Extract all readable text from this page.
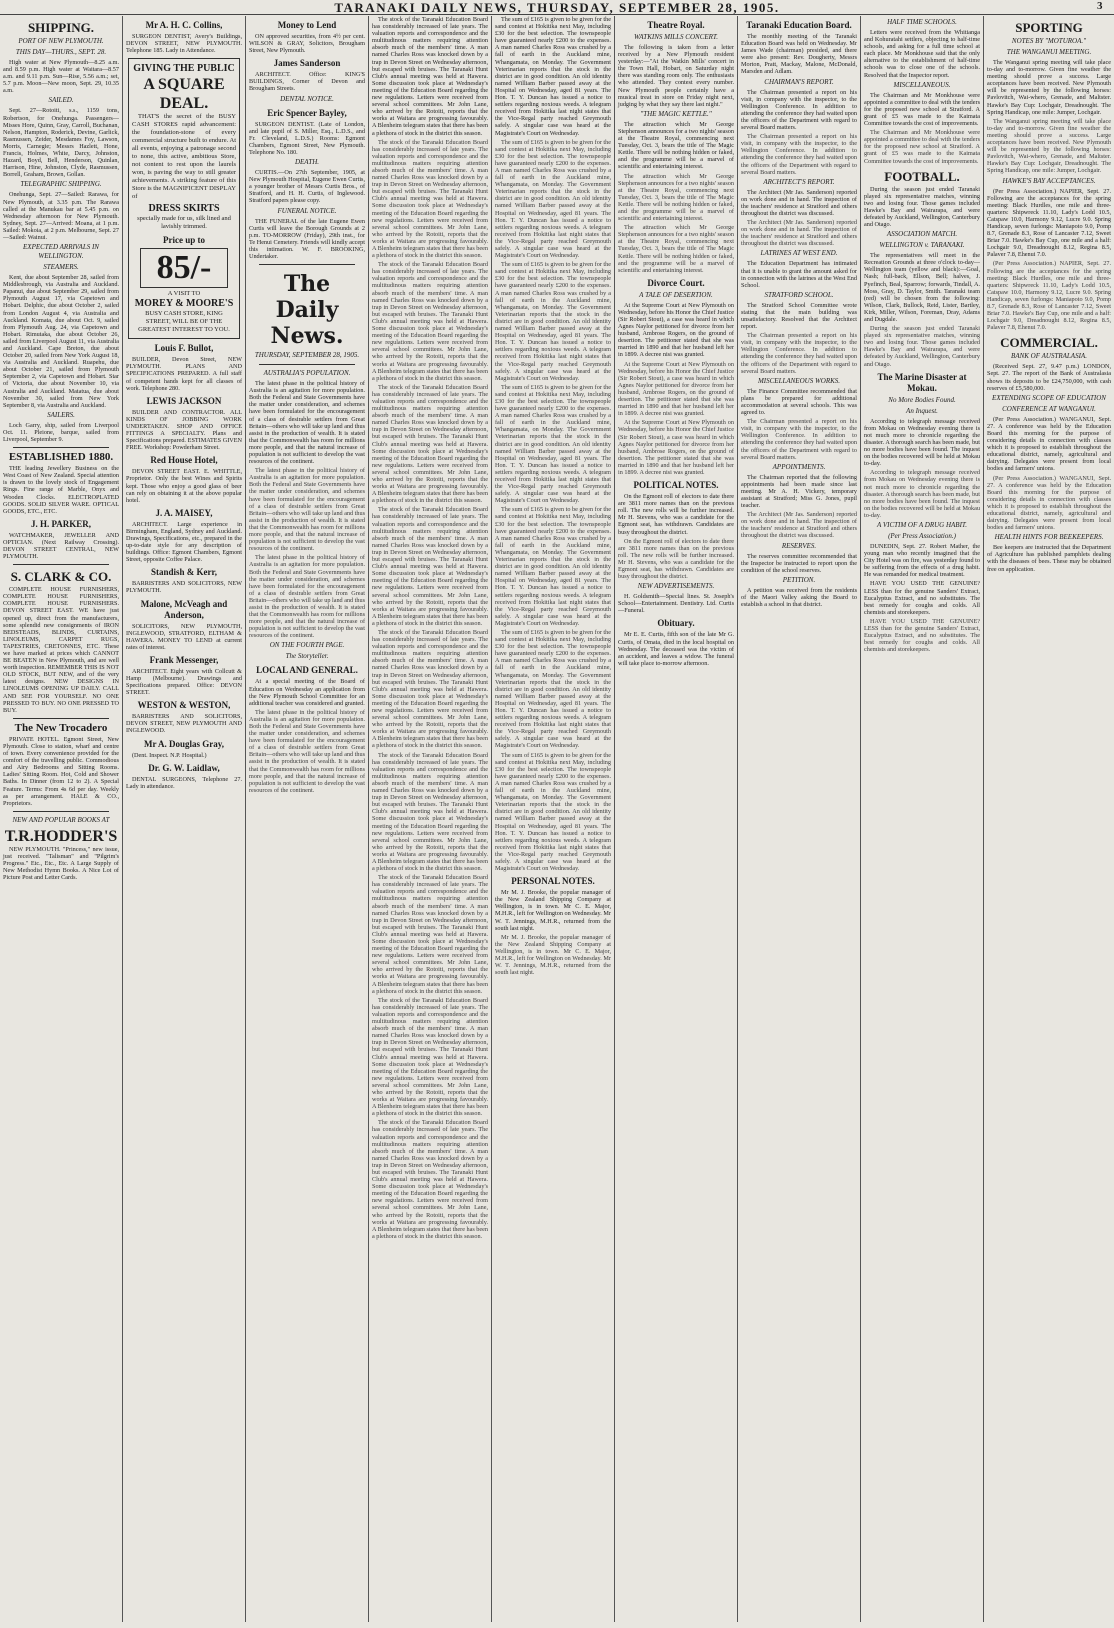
TARANAKI DAILY NEWS, THURSDAY, SEPTEMBER 28, 1905.	3
SHIPPING.
PORT OF NEW PLYMOUTH.
THIS DAY—THURS., SEPT. 28.

High water at New Plymouth—8.25 a.m. and 8.59 p.m. High water at Waitara—8.57 a.m. and 9.11 p.m. Sun—Rise, 5.56 a.m.; set, 5.7 p.m. Moon—New moon, Sept. 29, 10.35 a.m.

SAILED.

Sept. 27—Rotoiti, s.s., 1159 tons, Robertson, for Onehunga. Passengers—Misses Hore, Quinn, Gray, Carroll, Buchanan, Nelson, Hampton, Roderick, Devine, Garlick, Rasmussen, Zeider, Mesdames Foy, Lawson, Morris, Carnegie; Messrs Hazlett, Hone, Francis, Holmes, White, Darcy, Johnston, Hazard, Boyd, Bell, Henderson, Quinlan, Harrison, Hine, Johnston, Clyde, Rasmussen, Borrell, Graham, Brown, Gollan.

TELEGRAPHIC SHIPPING.

Onehunga, Sept. 27—Sailed: Rarawa, for New Plymouth, at 3.35 p.m. The Rarawa called at the Manukau bar at 5.45 p.m. on Wednesday afternoon for New Plymouth. Sydney, Sept. 27—Arrived: Moana, at 1 p.m. Sailed: Mokoia, at 2 p.m. Melbourne, Sept. 27—Sailed: Wainui.

EXPECTED ARRIVALS IN WELLINGTON.
STEAMERS.

Kent, due about September 28, sailed from Middlesbrough, via Australia and Auckland. Papanui, due about September 29, sailed from Plymouth August 17, via Capetown and Hobart. Delphic, due about October 2, sailed from London August 4, via Australia and Auckland. Komata, due about Oct. 9, sailed from Plymouth Aug. 24, via Capetown and Hobart. Rimutaka, due about October 26, sailed from Liverpool August 11, via Australia and Auckland. Cape Breton, due about October 20, sailed from New York August 18, via Australia and Auckland. Ruapehu, due about October 21, sailed from Plymouth September 2, via Capetown and Hobart. Star of Victoria, due about November 10, via Australia and Auckland. Matatua, due about November 30, sailed from New York September 8, via Australia and Auckland.

SAILERS.

Loch Garry, ship, sailed from Liverpool Oct. 11. Pleione, barque, sailed from Liverpool, September 9.

ESTABLISHED 1880.

THE leading Jewellery Business on the West Coast of New Zealand. Special attention is drawn to the lovely stock of Engagement Rings. Fine range of Marble, Onyx and Wooden Clocks. ELECTROPLATED GOODS. SOLID SILVER WARE. OPTICAL GOODS, ETC., ETC.

J. H. PARKER,

WATCHMAKER, JEWELLER AND OPTICIAN. (Next Railway Crossing). DEVON STREET CENTRAL, NEW PLYMOUTH.

S. CLARK & CO.

COMPLETE HOUSE FURNISHERS, COMPLETE HOUSE FURNISHERS, COMPLETE HOUSE FURNISHERS. DEVON STREET EAST. WE have just opened up, direct from the manufacturers, some splendid new consignments of IRON BEDSTEADS, BLINDS, CURTAINS, LINOLEUMS, CARPET RUGS, TAPESTRIES, CRETONNES, ETC. These we have marked at prices which CANNOT BE BEATEN in New Plymouth, and are well worth inspection. REMEMBER THIS IS NOT OLD STOCK, BUT NEW, and of the very latest designs. NEW DESIGNS IN LINOLEUMS OPENING UP DAILY. CALL AND SEE FOR YOURSELF. NO ONE PRESSED TO BUY. NO ONE PRESSED TO BUY.

The New Trocadero

PRIVATE HOTEL. Egmont Street, New Plymouth. Close to station, wharf and centre of town. Every convenience provided for the comfort of the travelling public. Commodious and Airy Bedrooms and Sitting Rooms. Ladies' Sitting Room. Hot, Cold and Shower Baths. In Dinner (from 12 to 2). A Special Feature. Terms: From 4s 6d per day. Weekly as per arrangement. HALE & CO., Proprietors.

NEW AND POPULAR BOOKS AT
T.R.HODDER'S

NEW PLYMOUTH. "Princess," new issue, just received. "Talisman" and "Pilgrim's Progress." Etc., Etc., Etc. A Large Supply of New Methodist Hymn Books. A Nice Lot of Picture Post and Letter Cards.

Mr A. H. C. Collins,

SURGEON DENTIST, Avery's Buildings, DEVON STREET, NEW PLYMOUTH. Telephone 185. Lady in Attendance.

GIVING THE PUBLIC
A SQUARE DEAL.

THAT'S the secret of the BUSY CASH STORES rapid advancement: the foundation-stone of every commercial structure built to endure. At all events, enjoying a patronage second to none, this active, ambitious Store, not content to rest upon the laurels won, is paving the way to still greater achievements. A striking feature of this Store is the MAGNIFICENT DISPLAY of

DRESS SKIRTS
specially made for us, silk lined and lavishly trimmed.
Price up to
85/-
A VISIT TO
MOREY & MOORE'S
BUSY CASH STORE, KING STREET, WILL BE OF THE GREATEST INTEREST TO YOU.
Louis F. Bullot,

BUILDER, Devon Street, NEW PLYMOUTH. PLANS AND SPECIFICATIONS PREPARED. A full staff of competent hands kept for all classes of work. Telephone 280.

LEWIS JACKSON

BUILDER AND CONTRACTOR. ALL KINDS OF JOBBING WORK UNDERTAKEN. SHOP AND OFFICE FITTINGS A SPECIALTY. Plans and Specifications prepared. ESTIMATES GIVEN FREE. Workshop: Powderham Street.

Red House Hotel,

DEVON STREET EAST. E. WHITTLE, Proprietor. Only the best Wines and Spirits kept. Those who enjoy a good glass of beer can rely on obtaining it at the above popular hotel.

J. A. MAISEY,

ARCHITECT. Large experience in Birmingham, England, Sydney and Auckland. Drawings, Specifications, etc., prepared in the up-to-date style for any description of buildings. Office: Egmont Chambers, Egmont Street, opposite Coffee Palace.

Standish & Kerr,

BARRISTERS AND SOLICITORS, NEW PLYMOUTH.

Malone, McVeagh and Anderson,

SOLICITORS, NEW PLYMOUTH, INGLEWOOD, STRATFORD, ELTHAM & HAWERA. MONEY TO LEND at current rates of interest.

Frank Messenger,

ARCHITECT. Eight years with Collcutt & Hamp (Melbourne). Drawings and Specifications prepared. Office: DEVON STREET.

WESTON & WESTON,

BARRISTERS AND SOLICITORS, DEVON STREET, NEW PLYMOUTH AND INGLEWOOD.

Mr A. Douglas Gray,

(Dent. Inspect. N.P. Hospital.)

Dr. G. W. Laidlaw,

DENTAL SURGEONS, Telephone 27. Lady in attendance.

Money to Lend

ON approved securities, from 4½ per cent. WILSON & GRAY, Solicitors, Brougham Street, New Plymouth.

James Sanderson

ARCHITECT. Office: KING'S BUILDINGS, Corner of Devon and Brougham Streets.

DENTAL NOTICE.
Eric Spencer Bayley,

SURGEON DENTIST. (Late of London, and late pupil of S. Miller, Esq., L.D.S., and Fr. Cleveland, L.D.S.) Rooms: Egmont Chambers, Egmont Street, New Plymouth. Telephone No. 180.

DEATH.

CURTIS.—On 27th September, 1905, at New Plymouth Hospital, Eugene Ewen Curtis, a younger brother of Messrs Curtis Bros., of Stratford, and H. H. Curtis, of Inglewood. Stratford papers please copy.

FUNERAL NOTICE.

THE FUNERAL of the late Eugene Ewen Curtis will leave the Borough Grounds at 2 p.m. TO-MORROW (Friday), 29th inst., for Te Henui Cemetery. Friends will kindly accept this intimation. W. F. BROOKING, Undertaker.

The Daily News.
THURSDAY, SEPTEMBER 28, 1905.
AUSTRALIA'S POPULATION.

The latest phase in the political history of Australia is an agitation for more population. Both the Federal and State Governments have the matter under consideration, and schemes have been formulated for the encouragement of a class of desirable settlers from Great Britain—others who will take up land and thus assist in the production of wealth. It is stated that the Commonwealth has room for millions more people, and that the natural increase of population is not sufficient to develop the vast resources of the continent.

The latest phase in the political history of Australia is an agitation for more population. Both the Federal and State Governments have the matter under consideration, and schemes have been formulated for the encouragement of a class of desirable settlers from Great Britain—others who will take up land and thus assist in the production of wealth. It is stated that the Commonwealth has room for millions more people, and that the natural increase of population is not sufficient to develop the vast resources of the continent.

The latest phase in the political history of Australia is an agitation for more population. Both the Federal and State Governments have the matter under consideration, and schemes have been formulated for the encouragement of a class of desirable settlers from Great Britain—others who will take up land and thus assist in the production of wealth. It is stated that the Commonwealth has room for millions more people, and that the natural increase of population is not sufficient to develop the vast resources of the continent.

ON THE FOURTH PAGE.
The Storyteller.
LOCAL AND GENERAL.

At a special meeting of the Board of Education on Wednesday an application from the New Plymouth School Committee for an additional teacher was considered and granted.

The latest phase in the political history of Australia is an agitation for more population. Both the Federal and State Governments have the matter under consideration, and schemes have been formulated for the encouragement of a class of desirable settlers from Great Britain—others who will take up land and thus assist in the production of wealth. It is stated that the Commonwealth has room for millions more people, and that the natural increase of population is not sufficient to develop the vast resources of the continent.

The stock of the Taranaki Education Board has considerably increased of late years. The valuation reports and correspondence and the multitudinous matters requiring attention absorb much of the members' time. A man named Charles Ross was knocked down by a trap in Devon Street on Wednesday afternoon, but escaped with bruises. The Taranaki Hunt Club's annual meeting was held at Hawera. Some discussion took place at Wednesday's meeting of the Education Board regarding the new regulations. Letters were received from several school committees. Mr John Lane, who arrived by the Rotoiti, reports that the works at Waitara are progressing favourably. A Blenheim telegram states that there has been a plethora of stock in the district this season.

The stock of the Taranaki Education Board has considerably increased of late years. The valuation reports and correspondence and the multitudinous matters requiring attention absorb much of the members' time. A man named Charles Ross was knocked down by a trap in Devon Street on Wednesday afternoon, but escaped with bruises. The Taranaki Hunt Club's annual meeting was held at Hawera. Some discussion took place at Wednesday's meeting of the Education Board regarding the new regulations. Letters were received from several school committees. Mr John Lane, who arrived by the Rotoiti, reports that the works at Waitara are progressing favourably. A Blenheim telegram states that there has been a plethora of stock in the district this season.

The stock of the Taranaki Education Board has considerably increased of late years. The valuation reports and correspondence and the multitudinous matters requiring attention absorb much of the members' time. A man named Charles Ross was knocked down by a trap in Devon Street on Wednesday afternoon, but escaped with bruises. The Taranaki Hunt Club's annual meeting was held at Hawera. Some discussion took place at Wednesday's meeting of the Education Board regarding the new regulations. Letters were received from several school committees. Mr John Lane, who arrived by the Rotoiti, reports that the works at Waitara are progressing favourably. A Blenheim telegram states that there has been a plethora of stock in the district this season.

The stock of the Taranaki Education Board has considerably increased of late years. The valuation reports and correspondence and the multitudinous matters requiring attention absorb much of the members' time. A man named Charles Ross was knocked down by a trap in Devon Street on Wednesday afternoon, but escaped with bruises. The Taranaki Hunt Club's annual meeting was held at Hawera. Some discussion took place at Wednesday's meeting of the Education Board regarding the new regulations. Letters were received from several school committees. Mr John Lane, who arrived by the Rotoiti, reports that the works at Waitara are progressing favourably. A Blenheim telegram states that there has been a plethora of stock in the district this season.

The stock of the Taranaki Education Board has considerably increased of late years. The valuation reports and correspondence and the multitudinous matters requiring attention absorb much of the members' time. A man named Charles Ross was knocked down by a trap in Devon Street on Wednesday afternoon, but escaped with bruises. The Taranaki Hunt Club's annual meeting was held at Hawera. Some discussion took place at Wednesday's meeting of the Education Board regarding the new regulations. Letters were received from several school committees. Mr John Lane, who arrived by the Rotoiti, reports that the works at Waitara are progressing favourably. A Blenheim telegram states that there has been a plethora of stock in the district this season.

The stock of the Taranaki Education Board has considerably increased of late years. The valuation reports and correspondence and the multitudinous matters requiring attention absorb much of the members' time. A man named Charles Ross was knocked down by a trap in Devon Street on Wednesday afternoon, but escaped with bruises. The Taranaki Hunt Club's annual meeting was held at Hawera. Some discussion took place at Wednesday's meeting of the Education Board regarding the new regulations. Letters were received from several school committees. Mr John Lane, who arrived by the Rotoiti, reports that the works at Waitara are progressing favourably. A Blenheim telegram states that there has been a plethora of stock in the district this season.

The stock of the Taranaki Education Board has considerably increased of late years. The valuation reports and correspondence and the multitudinous matters requiring attention absorb much of the members' time. A man named Charles Ross was knocked down by a trap in Devon Street on Wednesday afternoon, but escaped with bruises. The Taranaki Hunt Club's annual meeting was held at Hawera. Some discussion took place at Wednesday's meeting of the Education Board regarding the new regulations. Letters were received from several school committees. Mr John Lane, who arrived by the Rotoiti, reports that the works at Waitara are progressing favourably. A Blenheim telegram states that there has been a plethora of stock in the district this season.

The stock of the Taranaki Education Board has considerably increased of late years. The valuation reports and correspondence and the multitudinous matters requiring attention absorb much of the members' time. A man named Charles Ross was knocked down by a trap in Devon Street on Wednesday afternoon, but escaped with bruises. The Taranaki Hunt Club's annual meeting was held at Hawera. Some discussion took place at Wednesday's meeting of the Education Board regarding the new regulations. Letters were received from several school committees. Mr John Lane, who arrived by the Rotoiti, reports that the works at Waitara are progressing favourably. A Blenheim telegram states that there has been a plethora of stock in the district this season.

The stock of the Taranaki Education Board has considerably increased of late years. The valuation reports and correspondence and the multitudinous matters requiring attention absorb much of the members' time. A man named Charles Ross was knocked down by a trap in Devon Street on Wednesday afternoon, but escaped with bruises. The Taranaki Hunt Club's annual meeting was held at Hawera. Some discussion took place at Wednesday's meeting of the Education Board regarding the new regulations. Letters were received from several school committees. Mr John Lane, who arrived by the Rotoiti, reports that the works at Waitara are progressing favourably. A Blenheim telegram states that there has been a plethora of stock in the district this season.

The stock of the Taranaki Education Board has considerably increased of late years. The valuation reports and correspondence and the multitudinous matters requiring attention absorb much of the members' time. A man named Charles Ross was knocked down by a trap in Devon Street on Wednesday afternoon, but escaped with bruises. The Taranaki Hunt Club's annual meeting was held at Hawera. Some discussion took place at Wednesday's meeting of the Education Board regarding the new regulations. Letters were received from several school committees. Mr John Lane, who arrived by the Rotoiti, reports that the works at Waitara are progressing favourably. A Blenheim telegram states that there has been a plethora of stock in the district this season.

The sum of £165 is given to be given for the sand contest at Hokitika next May, including £30 for the best selection. The townspeople have guaranteed nearly £200 to the expenses. A man named Charles Ross was crushed by a fall of earth in the Auckland mine, Whangamata, on Monday. The Government Veterinarian reports that the stock in the district are in good condition. An old identity named William Barber passed away at the Hospital on Wednesday, aged 81 years. The Hon. T. Y. Duncan has issued a notice to settlers regarding noxious weeds. A telegram received from Hokitika last night states that the Vice-Regal party reached Greymouth safely. A singular case was heard at the Magistrate's Court on Wednesday.

The sum of £165 is given to be given for the sand contest at Hokitika next May, including £30 for the best selection. The townspeople have guaranteed nearly £200 to the expenses. A man named Charles Ross was crushed by a fall of earth in the Auckland mine, Whangamata, on Monday. The Government Veterinarian reports that the stock in the district are in good condition. An old identity named William Barber passed away at the Hospital on Wednesday, aged 81 years. The Hon. T. Y. Duncan has issued a notice to settlers regarding noxious weeds. A telegram received from Hokitika last night states that the Vice-Regal party reached Greymouth safely. A singular case was heard at the Magistrate's Court on Wednesday.

The sum of £165 is given to be given for the sand contest at Hokitika next May, including £30 for the best selection. The townspeople have guaranteed nearly £200 to the expenses. A man named Charles Ross was crushed by a fall of earth in the Auckland mine, Whangamata, on Monday. The Government Veterinarian reports that the stock in the district are in good condition. An old identity named William Barber passed away at the Hospital on Wednesday, aged 81 years. The Hon. T. Y. Duncan has issued a notice to settlers regarding noxious weeds. A telegram received from Hokitika last night states that the Vice-Regal party reached Greymouth safely. A singular case was heard at the Magistrate's Court on Wednesday.

The sum of £165 is given to be given for the sand contest at Hokitika next May, including £30 for the best selection. The townspeople have guaranteed nearly £200 to the expenses. A man named Charles Ross was crushed by a fall of earth in the Auckland mine, Whangamata, on Monday. The Government Veterinarian reports that the stock in the district are in good condition. An old identity named William Barber passed away at the Hospital on Wednesday, aged 81 years. The Hon. T. Y. Duncan has issued a notice to settlers regarding noxious weeds. A telegram received from Hokitika last night states that the Vice-Regal party reached Greymouth safely. A singular case was heard at the Magistrate's Court on Wednesday.

The sum of £165 is given to be given for the sand contest at Hokitika next May, including £30 for the best selection. The townspeople have guaranteed nearly £200 to the expenses. A man named Charles Ross was crushed by a fall of earth in the Auckland mine, Whangamata, on Monday. The Government Veterinarian reports that the stock in the district are in good condition. An old identity named William Barber passed away at the Hospital on Wednesday, aged 81 years. The Hon. T. Y. Duncan has issued a notice to settlers regarding noxious weeds. A telegram received from Hokitika last night states that the Vice-Regal party reached Greymouth safely. A singular case was heard at the Magistrate's Court on Wednesday.

The sum of £165 is given to be given for the sand contest at Hokitika next May, including £30 for the best selection. The townspeople have guaranteed nearly £200 to the expenses. A man named Charles Ross was crushed by a fall of earth in the Auckland mine, Whangamata, on Monday. The Government Veterinarian reports that the stock in the district are in good condition. An old identity named William Barber passed away at the Hospital on Wednesday, aged 81 years. The Hon. T. Y. Duncan has issued a notice to settlers regarding noxious weeds. A telegram received from Hokitika last night states that the Vice-Regal party reached Greymouth safely. A singular case was heard at the Magistrate's Court on Wednesday.

The sum of £165 is given to be given for the sand contest at Hokitika next May, including £30 for the best selection. The townspeople have guaranteed nearly £200 to the expenses. A man named Charles Ross was crushed by a fall of earth in the Auckland mine, Whangamata, on Monday. The Government Veterinarian reports that the stock in the district are in good condition. An old identity named William Barber passed away at the Hospital on Wednesday, aged 81 years. The Hon. T. Y. Duncan has issued a notice to settlers regarding noxious weeds. A telegram received from Hokitika last night states that the Vice-Regal party reached Greymouth safely. A singular case was heard at the Magistrate's Court on Wednesday.

PERSONAL NOTES.

Mr M. J. Brooke, the popular manager of the New Zealand Shipping Company at Wellington, is in town. Mr C. E. Major, M.H.R., left for Wellington on Wednesday. Mr W. T. Jennings, M.H.R., returned from the south last night.

Mr M. J. Brooke, the popular manager of the New Zealand Shipping Company at Wellington, is in town. Mr C. E. Major, M.H.R., left for Wellington on Wednesday. Mr W. T. Jennings, M.H.R., returned from the south last night.

Theatre Royal.
WATKINS MILLS CONCERT.

The following is taken from a letter received by a New Plymouth resident yesterday:—"At the Watkin Mills' concert in the Town Hall, Hobart, on Saturday night there was standing room only. The enthusiasts who attended. They contest every number. New Plymouth people certainly have a musical treat in store on Friday night next, judging by what they say there last night."

"THE MAGIC KETTLE."

The attraction which Mr George Stephenson announces for a two nights' season at the Theatre Royal, commencing next Tuesday, Oct. 3, bears the title of The Magic Kettle. There will be nothing hidden or faked, and the programme will be a marvel of scientific and entertaining interest.

The attraction which Mr George Stephenson announces for a two nights' season at the Theatre Royal, commencing next Tuesday, Oct. 3, bears the title of The Magic Kettle. There will be nothing hidden or faked, and the programme will be a marvel of scientific and entertaining interest.

The attraction which Mr George Stephenson announces for a two nights' season at the Theatre Royal, commencing next Tuesday, Oct. 3, bears the title of The Magic Kettle. There will be nothing hidden or faked, and the programme will be a marvel of scientific and entertaining interest.

Divorce Court.
A TALE OF DESERTION.

At the Supreme Court at New Plymouth on Wednesday, before his Honor the Chief Justice (Sir Robert Stout), a case was heard in which Agnes Naylor petitioned for divorce from her husband, Ambrose Rogers, on the ground of desertion. The petitioner stated that she was married in 1890 and that her husband left her in 1899. A decree nisi was granted.

At the Supreme Court at New Plymouth on Wednesday, before his Honor the Chief Justice (Sir Robert Stout), a case was heard in which Agnes Naylor petitioned for divorce from her husband, Ambrose Rogers, on the ground of desertion. The petitioner stated that she was married in 1890 and that her husband left her in 1899. A decree nisi was granted.

At the Supreme Court at New Plymouth on Wednesday, before his Honor the Chief Justice (Sir Robert Stout), a case was heard in which Agnes Naylor petitioned for divorce from her husband, Ambrose Rogers, on the ground of desertion. The petitioner stated that she was married in 1890 and that her husband left her in 1899. A decree nisi was granted.

POLITICAL NOTES.

On the Egmont roll of electors to date there are 3811 more names than on the previous roll. The new rolls will be further increased. Mr H. Stevens, who was a candidate for the Egmont seat, has withdrawn. Candidates are busy throughout the district.

On the Egmont roll of electors to date there are 3811 more names than on the previous roll. The new rolls will be further increased. Mr H. Stevens, who was a candidate for the Egmont seat, has withdrawn. Candidates are busy throughout the district.

NEW ADVERTISEMENTS.

H. Goldsmith—Special lines. St. Joseph's School—Entertainment. Dentistry. Ltd. Curtis—Funeral.

Obituary.

Mr E. E. Curtis, fifth son of the late Mr G. Curtis, of Omata, died in the local hospital on Wednesday. The deceased was the victim of an accident, and leaves a widow. The funeral will take place to-morrow afternoon.

Taranaki Education Board.

The monthly meeting of the Taranaki Education Board was held on Wednesday. Mr James Wade (chairman) presided, and there were also present: Rev. Dougherty, Messrs Morton, Pratt, Mackay, Malone, McDonald, Marsden and Adlam.

CHAIRMAN'S REPORT.

The Chairman presented a report on his visit, in company with the inspector, to the Wellington Conference. In addition to attending the conference they had waited upon the officers of the Department with regard to several Board matters.

The Chairman presented a report on his visit, in company with the inspector, to the Wellington Conference. In addition to attending the conference they had waited upon the officers of the Department with regard to several Board matters.

ARCHITECT'S REPORT.

The Architect (Mr Jas. Sanderson) reported on work done and in hand. The inspection of the teachers' residence at Stratford and others throughout the district was discussed.

The Architect (Mr Jas. Sanderson) reported on work done and in hand. The inspection of the teachers' residence at Stratford and others throughout the district was discussed.

LATRINES AT WEST END.

The Education Department has intimated that it is unable to grant the amount asked for in connection with the latrines at the West End School.

STRATFORD SCHOOL.

The Stratford School Committee wrote stating that the main building was unsatisfactory. Resolved that the Architect report.

The Chairman presented a report on his visit, in company with the inspector, to the Wellington Conference. In addition to attending the conference they had waited upon the officers of the Department with regard to several Board matters.

MISCELLANEOUS WORKS.

The Finance Committee recommended that plans be prepared for additional accommodation at several schools. This was agreed to.

The Chairman presented a report on his visit, in company with the inspector, to the Wellington Conference. In addition to attending the conference they had waited upon the officers of the Department with regard to several Board matters.

APPOINTMENTS.

The Chairman reported that the following appointments had been made since last meeting. Mr A. H. Vickery, temporary assistant at Stratford; Miss G. Jones, pupil teacher.

The Architect (Mr Jas. Sanderson) reported on work done and in hand. The inspection of the teachers' residence at Stratford and others throughout the district was discussed.

RESERVES.

The reserves committee recommended that the Inspector be instructed to report upon the condition of the school reserves.

PETITION.

A petition was received from the residents of the Maori Valley asking the Board to establish a school in that district.

HALF TIME SCHOOLS.

Letters were received from the Whitianga and Kohuratahi settlers, objecting to half-time schools, and asking for a full time school at each place. Mr Monkhouse said that the only alternative to the establishment of half-time schools was to close one of the schools. Resolved that the Inspector report.

MISCELLANEOUS.

The Chairman and Mr Monkhouse were appointed a committee to deal with the tenders for the proposed new school at Stratford. A grant of £5 was made to the Kaimata Committee towards the cost of improvements.

The Chairman and Mr Monkhouse were appointed a committee to deal with the tenders for the proposed new school at Stratford. A grant of £5 was made to the Kaimata Committee towards the cost of improvements.

FOOTBALL.

During the season just ended Taranaki played six representative matches, winning two and losing four. Those games included Hawke's Bay and Wairarapa, and were defeated by Auckland, Wellington, Canterbury and Otago.

ASSOCIATION MATCH.
WELLINGTON v. TARANAKI.

The representatives will meet in the Recreation Grounds at three o'clock to-day—Wellington team (yellow and black):—Goal, Nash; full-back, Ellson, Bell; halves, J. Pyefinch, Beal, Sparrow; forwards, Tindall, A. Moss, Gray, D. Taylor, Smith. Taranaki team (red) will be chosen from the following: Wilson, Clark, Bullock, Reid, Lister, Bartley, Kirk, Miller, Wilson, Foreman, Dray, Adams and Dugdale.

During the season just ended Taranaki played six representative matches, winning two and losing four. Those games included Hawke's Bay and Wairarapa, and were defeated by Auckland, Wellington, Canterbury and Otago.

The Marine Disaster at Mokau.
No More Bodies Found.
An Inquest.

According to telegraph message received from Mokau on Wednesday evening there is not much more to chronicle regarding the disaster. A thorough search has been made, but no more bodies have been found. The inquest on the bodies recovered will be held at Mokau to-day.

According to telegraph message received from Mokau on Wednesday evening there is not much more to chronicle regarding the disaster. A thorough search has been made, but no more bodies have been found. The inquest on the bodies recovered will be held at Mokau to-day.

A VICTIM OF A DRUG HABIT.
(Per Press Association.)

DUNEDIN, Sept. 27. Robert Mather, the young man who recently imagined that the City Hotel was on fire, was yesterday found to be suffering from the effects of a drug habit. He was remanded for medical treatment.

HAVE YOU USED THE GENUINE? LESS than for the genuine Sanders' Extract, Eucalyptus Extract, and no substitutes. The best remedy for coughs and colds. All chemists and storekeepers.

HAVE YOU USED THE GENUINE? LESS than for the genuine Sanders' Extract, Eucalyptus Extract, and no substitutes. The best remedy for coughs and colds. All chemists and storekeepers.

SPORTING
NOTES BY "MOTUROA."
THE WANGANUI MEETING.

The Wanganui spring meeting will take place to-day and to-morrow. Given fine weather the meeting should prove a success. Large acceptances have been received. New Plymouth will be represented by the following horses: Pavlovitch, Wai-whero, Grenade, and Maltster. Hawke's Bay Cup: Lochgair, Dreadnought. The Spring Handicap, one mile: Jumper, Lochgair.

The Wanganui spring meeting will take place to-day and to-morrow. Given fine weather the meeting should prove a success. Large acceptances have been received. New Plymouth will be represented by the following horses: Pavlovitch, Wai-whero, Grenade, and Maltster. Hawke's Bay Cup: Lochgair, Dreadnought. The Spring Handicap, one mile: Jumper, Lochgair.

HAWKE'S BAY ACCEPTANCES.

(Per Press Association.) NAPIER, Sept. 27. Following are the acceptances for the spring meeting: Black Hurdles, one mile and three-quarters: Shipwreck 11.10, Lady's Lodd 10.5, Catspaw 10.0, Harmony 9.12, Lucre 9.0. Spring Handicap, seven furlongs: Maniapoto 9.0, Pomp 8.7, Grenade 8.3, Rose of Lancaster 7.12, Sweet Briar 7.0. Hawke's Bay Cup, one mile and a half: Lochgair 9.0, Dreadnought 8.12, Regina 8.5, Palaver 7.8, Ehenui 7.0.

(Per Press Association.) NAPIER, Sept. 27. Following are the acceptances for the spring meeting: Black Hurdles, one mile and three-quarters: Shipwreck 11.10, Lady's Lodd 10.5, Catspaw 10.0, Harmony 9.12, Lucre 9.0. Spring Handicap, seven furlongs: Maniapoto 9.0, Pomp 8.7, Grenade 8.3, Rose of Lancaster 7.12, Sweet Briar 7.0. Hawke's Bay Cup, one mile and a half: Lochgair 9.0, Dreadnought 8.12, Regina 8.5, Palaver 7.8, Ehenui 7.0.

COMMERCIAL.
BANK OF AUSTRALASIA.

(Received Sept. 27, 9.47 p.m.) LONDON, Sept. 27. The report of the Bank of Australasia shows its deposits to be £24,750,000, with cash reserves of £5,580,000.

EXTENDING SCOPE OF EDUCATION
CONFERENCE AT WANGANUI.

(Per Press Association.) WANGANUI, Sept. 27. A conference was held by the Education Board this morning for the purpose of considering details in connection with classes which it is proposed to establish throughout the educational district, namely, agricultural and dairying. Delegates were present from local bodies and farmers' unions.

(Per Press Association.) WANGANUI, Sept. 27. A conference was held by the Education Board this morning for the purpose of considering details in connection with classes which it is proposed to establish throughout the educational district, namely, agricultural and dairying. Delegates were present from local bodies and farmers' unions.

HEALTH HINTS FOR BEEKEEPERS.

Bee keepers are instructed that the Department of Agriculture has published pamphlets dealing with the diseases of bees. These may be obtained free on application.
